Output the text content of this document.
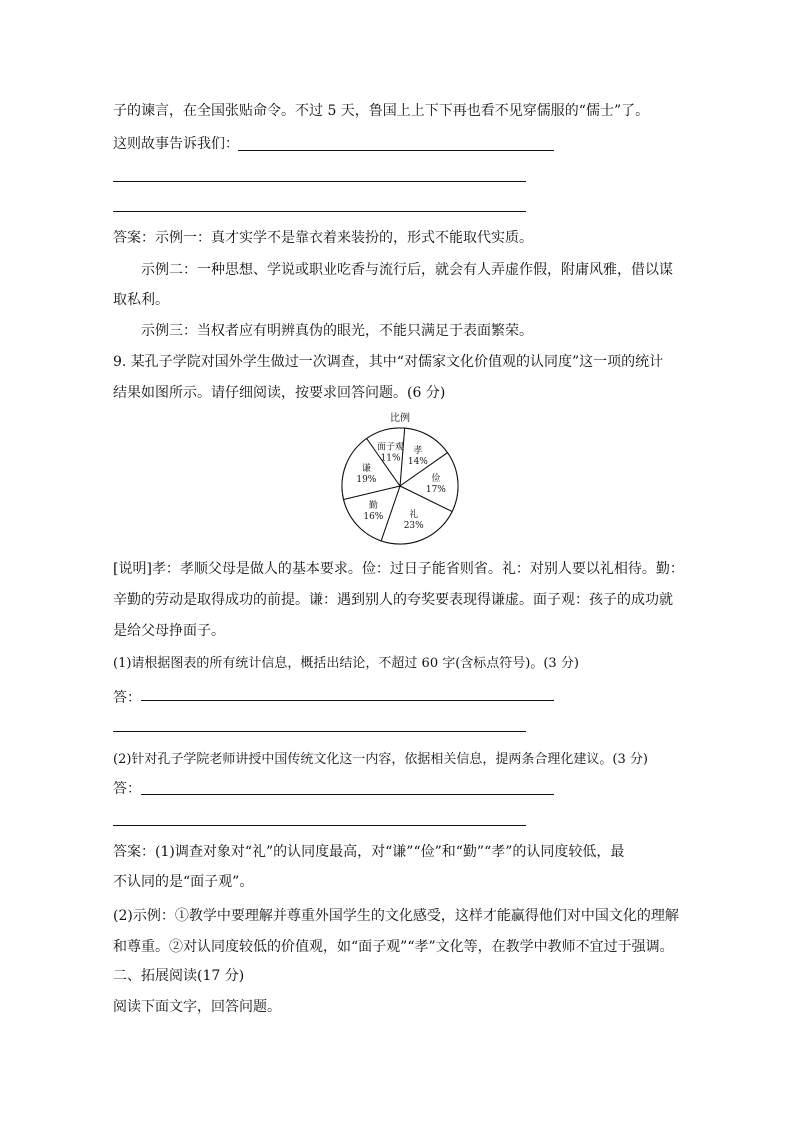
子的谏言，在全国张贴命令。不过 5 天，鲁国上上下下再也看不见穿儒服的“儒士”了。
这则故事告诉我们：
答案：示例一：真才实学不是靠衣着来装扮的，形式不能取代实质。
示例二：一种思想、学说或职业吃香与流行后，就会有人弄虚作假，附庸风雅，借以谋
取私利。
示例三：当权者应有明辨真伪的眼光，不能只满足于表面繁荣。
9. 某孔子学院对国外学生做过一次调查，其中“对儒家文化价值观的认同度”这一项的统计
结果如图所示。请仔细阅读，按要求回答问题。(6 分)
比例
孝
14%
俭
17%
礼
23%
勤
16%
谦
19%
面子观
11%
[说明]孝：孝顺父母是做人的基本要求。俭：过日子能省则省。礼：对别人要以礼相待。勤：
辛勤的劳动是取得成功的前提。谦：遇到别人的夸奖要表现得谦虚。面子观：孩子的成功就
是给父母挣面子。
(1)请根据图表的所有统计信息，概括出结论，不超过 60 字(含标点符号)。(3 分)
答：
(2)针对孔子学院老师讲授中国传统文化这一内容，依据相关信息，提两条合理化建议。(3 分)
答：
答案：(1)调查对象对“礼”的认同度最高，对“谦”“俭”和“勤”“孝”的认同度较低，最
不认同的是“面子观”。
(2)示例：①教学中要理解并尊重外国学生的文化感受，这样才能赢得他们对中国文化的理解
和尊重。②对认同度较低的价值观，如“面子观”“孝”文化等，在教学中教师不宜过于强调。
二、拓展阅读(17 分)
阅读下面文字，回答问题。
